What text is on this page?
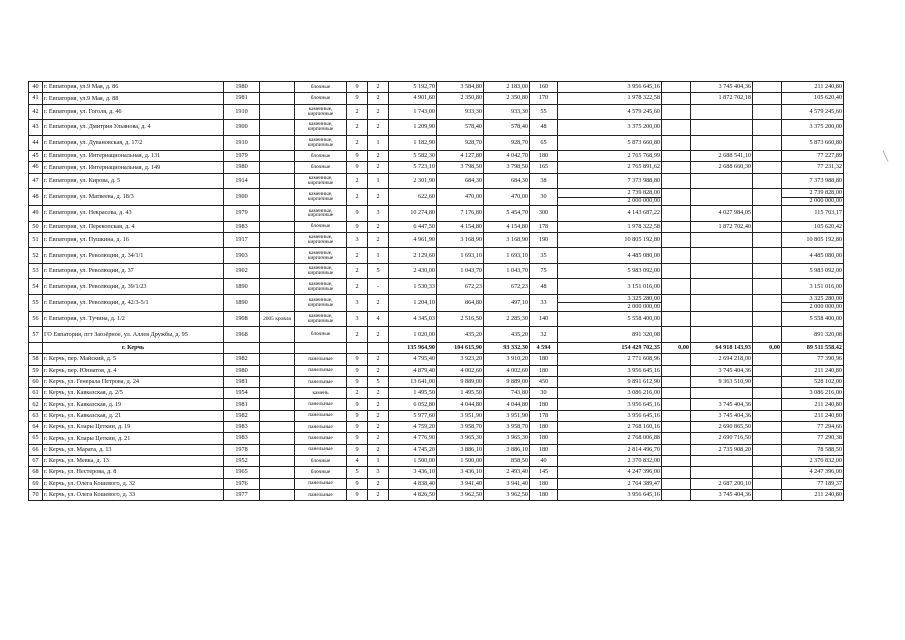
40	г. Евпатория, ул.9 Мая, д. 86	1980		блочные	9	2	5 192,70	3 584,80	2 183,00	160	3 956 645,16		3 745 404,36		211 240,80	
41	г. Евпатория, ул.9 Мая, д. 88	1981		блочные	9	2	4 901,60	2 350,80	2 350,80	170	1 978 322,58		1 872 702,18		105 620,40	
42	г. Евпатория, ул. Гоголя, д. 46	1910		каменные, кирпичные	2	2	1 743,00	933,30	933,30	55	4 579 245,60				4 579 245,60	
43	г. Евпатория, ул. Дмитрия Ульянова, д. 4	1900		каменные, кирпичные	2	2	1 209,90	578,40	578,40	48	3 375 200,00				3 375 200,00	
44	г. Евпатория, ул. Дувановская, д. 17/2	1910		каменные, кирпичные	2	1	1 182,90	928,70	928,70	65	5 873 660,80				5 873 660,80	
45	г. Евпатория, ул. Интернациональная, д. 131	1979		блочные	9	2	5 582,30	4 127,80	4 042,70	180	2 765 768,99		2 688 541,10		77 227,89	
46	г. Евпатория, ул. Интернациональная, д. 149	1980		блочные	9	2	5 723,10	3 798,50	3 798,50	165	2 765 891,62		2 688 660,30		77 231,32	
47	г. Евпатория, ул. Кирова, д. 5	1914		каменные, кирпичные	2	1	2 301,90	684,30	684,30	38	7 373 988,80				7 373 988,80	
48	г. Евпатория, ул. Матвеева, д. 18/3	1900		каменные, кирпичные	2	2	622,60	470,00	470,00	30	2 739 828,00				2 739 828,00	
											2 000 000,00				2 000 000,00	
49	г. Евпатория, ул. Некрасова, д. 43	1979		каменные, кирпичные	9	3	10 274,80	7 176,80	5 454,70	300	4 143 687,22		4 027 984,05		115 703,17	
50	г. Евпатория, ул. Перекопская, д. 4	1983		блочные	9	2	6 447,50	4 154,80	4 154,80	178	1 978 322,58		1 872 702,40		105 620,42	
51	г. Евпатория, ул. Пушкина, д. 16	1917		каменные, кирпичные	3	2	4 961,90	3 168,90	3 168,90	190	10 805 192,80				10 805 192,80	
52	г. Евпатория, ул. Революции, д. 34/1/1	1903		каменные, кирпичные	2	1	2 129,60	1 693,10	1 693,10	35	4 485 080,00				4 485 080,00	
53	г. Евпатория, ул. Революции, д. 37	1902		каменные, кирпичные	2	5	2 430,00	1 043,70	1 043,70	75	5 983 092,00				5 983 092,00	
54	г. Евпатория, ул. Революции, д. 39/1/23	1890		каменные, кирпичные	2	-	1 530,33	672,23	672,23	48	3 151 016,00				3 151 016,00	
55	г. Евпатория, ул. Революции, д. 42/3-5/1	1890		каменные, кирпичные	3	2	1 204,10	864,80	497,10	33	3 325 280,00				3 325 280,00	
											2 000 000,00				2 000 000,00	
56	г. Евпатория, ул. Тучина, д. 1/2	1908	2005 кровля	каменные, кирпичные	3	4	4 345,03	2 516,50	2 285,30	140	5 558 400,00				5 558 400,00	
57	ГО Евпатория, пгт Заозёрное, ул. Аллея Дружбы, д. 95	1968		блочные	2	2	1 020,00	435,20	435,20	32	891 320,08				891 320,08	
	г. Керчь						135 964,90	104 615,90	93 332,30	4 594	154 429 702,35	0,00	64 918 143,93	0,00	89 511 558,42	
58	г. Керчь, пер. Майский, д. 5	1982		панельные	9	2	4 795,40	3 923,20	3 910,20	180	2 771 608,96		2 694 218,00		77 390,96	
59	г. Керчь, пер. Юннатов, д. 4	1980		панельные	9	2	4 879,40	4 002,60	4 002,60	180	3 956 645,16		3 745 404,36		211 240,80	
60	г. Керчь, ул. Генерала Петрова, д. 24	1981		панельные	9	5	13 641,00	9 889,00	9 889,00	450	9 891 612,90		9 363 510,90		528 102,00	
61	г. Керчь, ул. Кавказская, д. 2/5	1954		камень	2	2	1 495,50	1 495,50	743,80	30	3 086 216,00				3 086 216,00	
62	г. Керчь, ул. Кавказская, д. 19	1981		панельные	9	2	6 052,80	4 044,80	4 044,80	180	3 956 645,16		3 745 404,36		211 240,80	
63	г. Керчь, ул. Кавказская, д. 21	1982		панельные	9	2	5 977,60	3 951,90	3 951,90	178	3 956 645,16		3 745 404,36		211 240,80	
64	г. Керчь, ул. Клары Цеткин, д. 19	1983		панельные	9	2	4 759,20	3 958,70	3 958,70	180	2 768 160,16		2 690 865,50		77 294,66	
65	г. Керчь, ул. Клары Цеткин, д. 21	1983		панельные	9	2	4 776,90	3 965,30	3 965,30	180	2 768 006,88		2 690 716,50		77 290,38	
66	г. Керчь, ул. Марата, д. 13	1978		панельные	9	2	4 745,20	3 886,10	3 886,10	180	2 814 496,70		2 735 908,20		78 588,50	
67	г. Керчь, ул. Мевка, д. 13	1952		блочные	4	1	1 500,00	1 500,00	858,50	40	2 370 832,00				2 370 832,00	
68	г. Керчь, ул. Нестерова, д. 8	1965		блочные	5	3	3 436,10	3 436,10	2 493,40	145	4 247 396,00				4 247 396,00	
69	г. Керчь, ул. Олега Кошевого, д. 32	1976		панельные	9	2	4 838,40	3 941,40	3 941,40	180	2 764 389,47		2 687 200,10		77 189,37	
70	г. Керчь, ул. Олега Кошевого, д. 33	1977		панельные	9	2	4 826,50	3 962,50	3 962,50	180	3 956 645,16		3 745 404,36		211 240,80	
